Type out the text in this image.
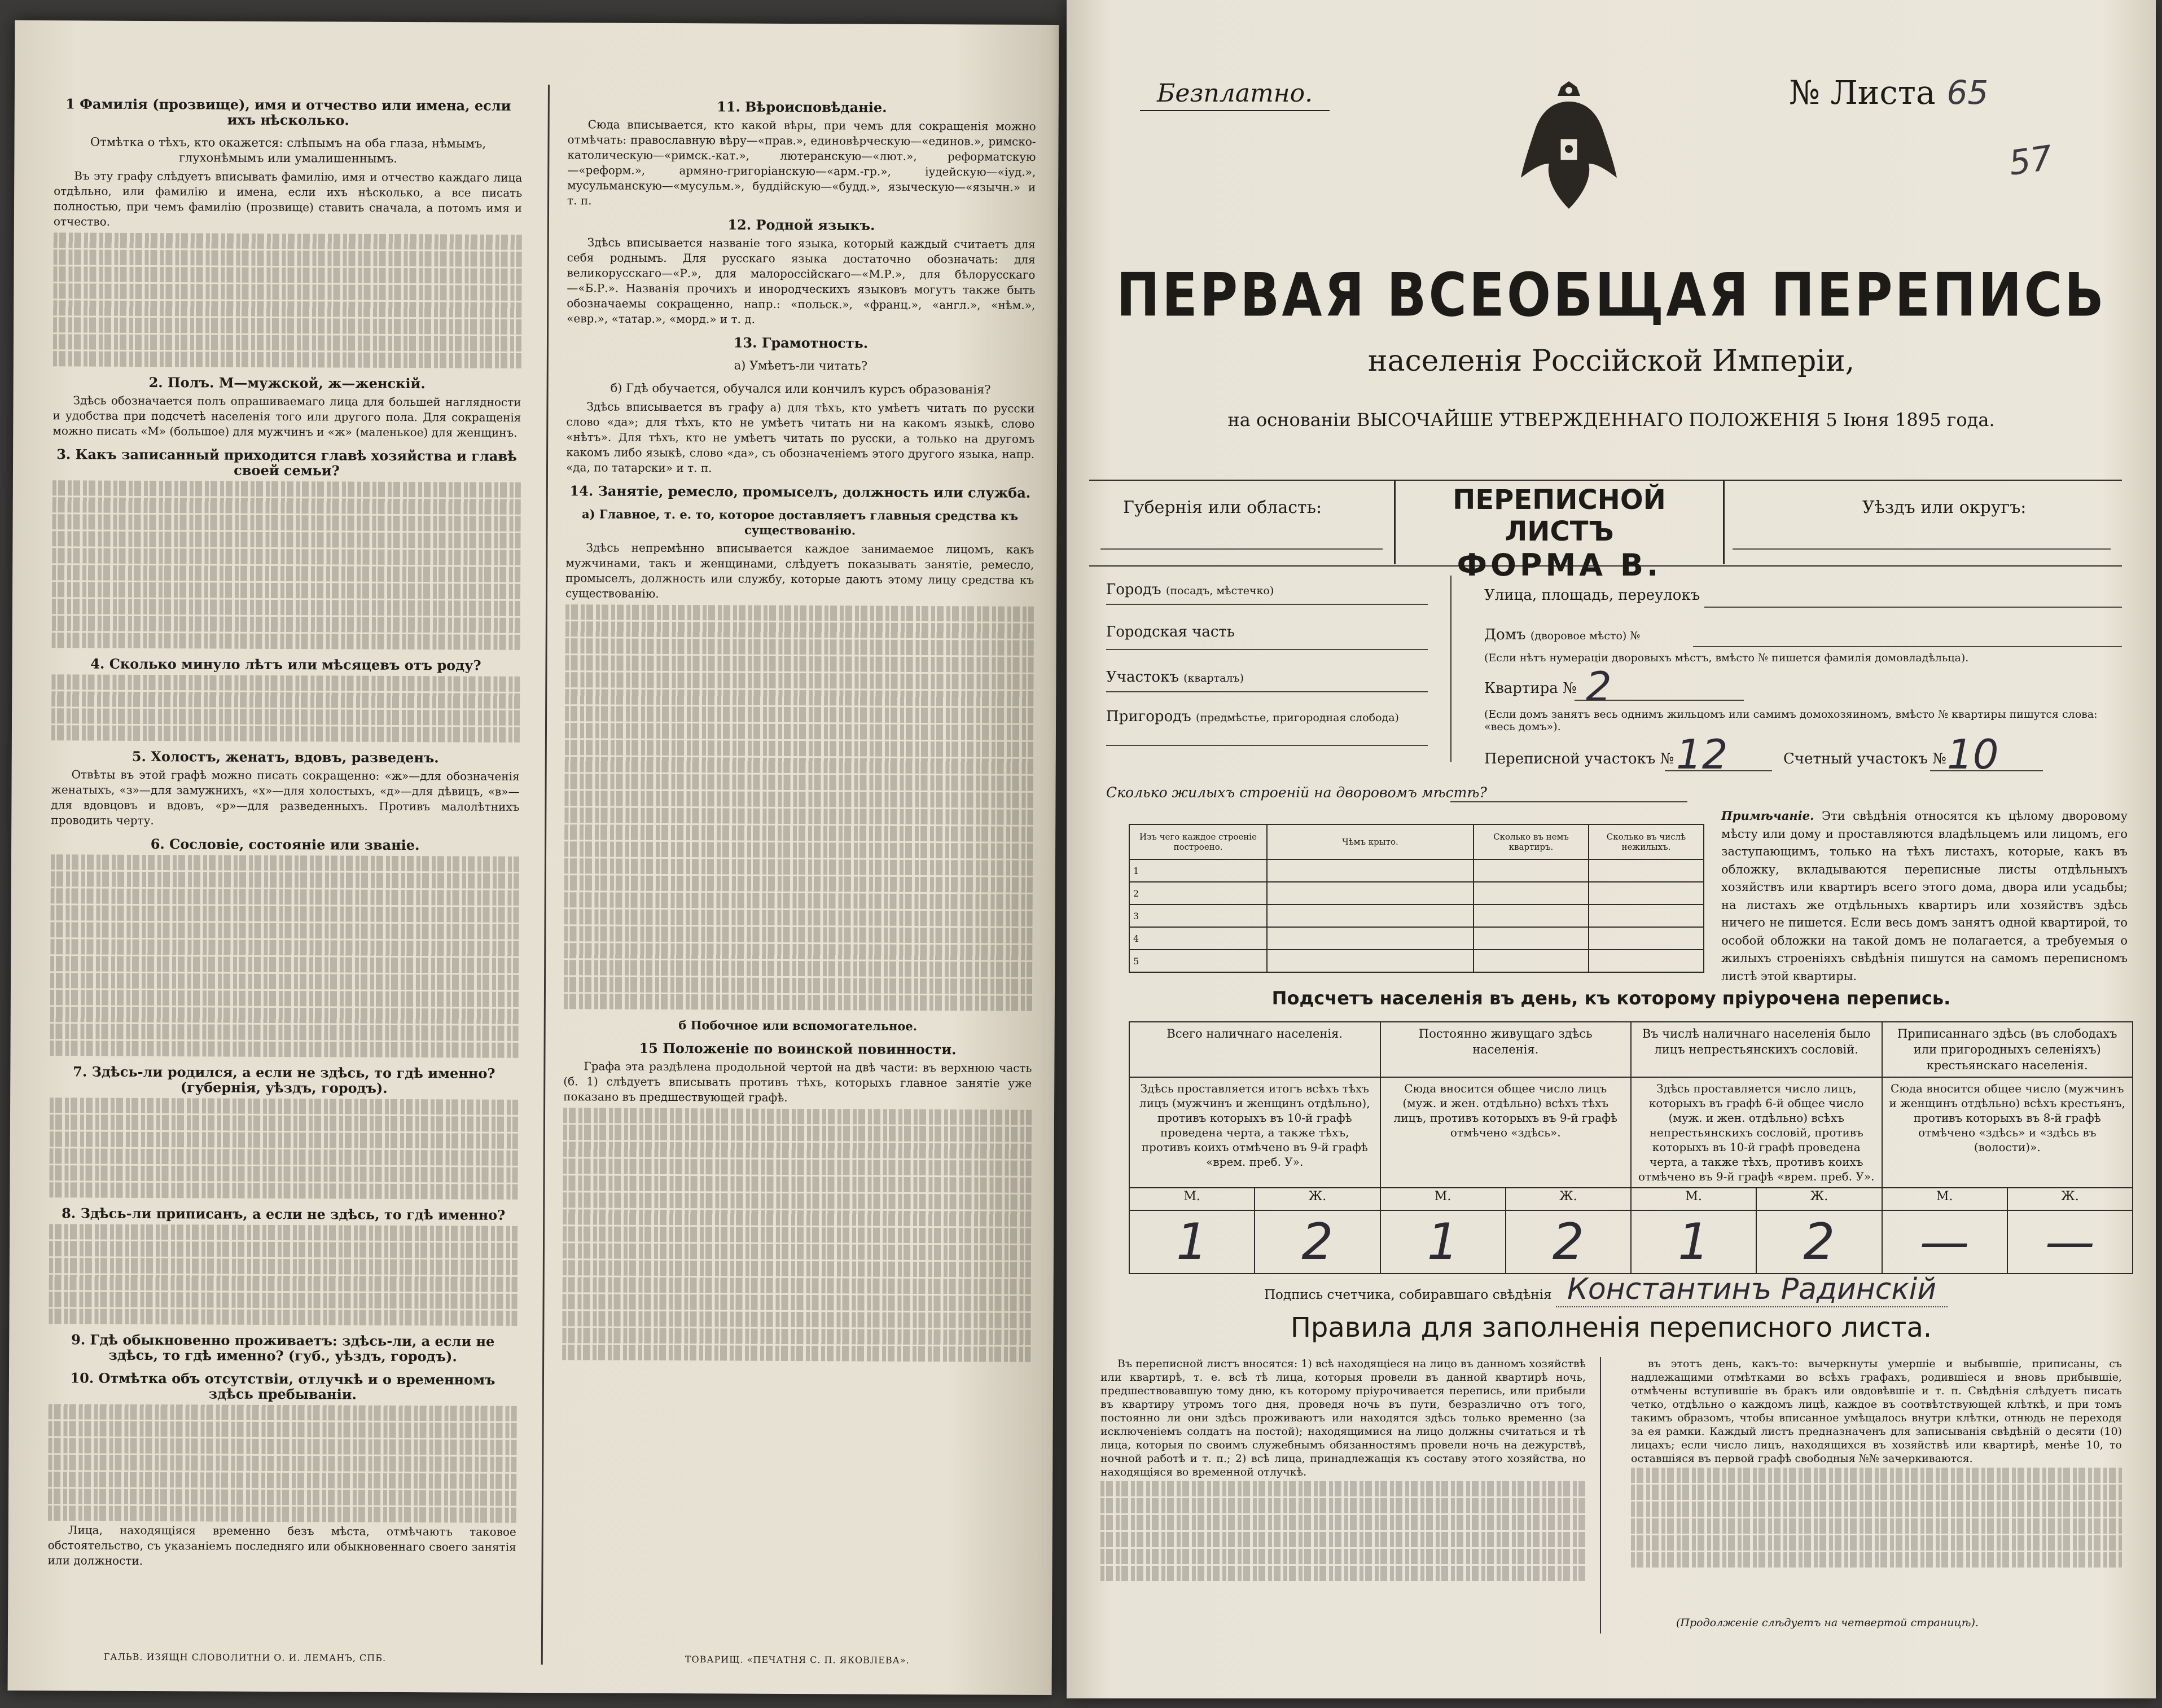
1 Фамилія (прозвище), имя и отчество или имена, если ихъ нѣсколько.
Отмѣтка о тѣхъ, кто окажется: слѣпымъ на оба глаза, нѣмымъ, глухонѣмымъ или умалишеннымъ.

Въ эту графу слѣдуетъ вписывать фамилію, имя и отчество каждаго лица отдѣльно, или фамилію и имена, если ихъ нѣсколько, а все писать полностью, при чемъ фамилію (прозвище) ставить сначала, а потомъ имя и отчество.

2. Полъ. М—мужской, ж—женскій.

Здѣсь обозначается полъ опрашиваемаго лица для большей наглядности и удобства при подсчетѣ населенія того или другого пола. Для сокращенія можно писать «М» (большое) для мужчинъ и «ж» (маленькое) для женщинъ.

3. Какъ записанный приходится главѣ хозяйства и главѣ своей семьи?
4. Сколько минуло лѣтъ или мѣсяцевъ отъ роду?
5. Холостъ, женатъ, вдовъ, разведенъ.

Отвѣты въ этой графѣ можно писать сокращенно: «ж»—для обозначенія женатыхъ, «з»—для замужнихъ, «х»—для холостыхъ, «д»—для дѣвицъ, «в»—для вдовцовъ и вдовъ, «р»—для разведенныхъ. Противъ малолѣтнихъ проводить черту.

6. Сословіе, состояніе или званіе.
7. Здѣсь-ли родился, а если не здѣсь, то гдѣ именно? (губернія, уѣздъ, городъ).
8. Здѣсь-ли приписанъ, а если не здѣсь, то гдѣ именно?
9. Гдѣ обыкновенно проживаетъ: здѣсь-ли, а если не здѣсь, то гдѣ именно? (губ., уѣздъ, городъ).
10. Отмѣтка объ отсутствіи, отлучкѣ и о временномъ здѣсь пребываніи.

Лица, находящіяся временно безъ мѣста, отмѣчаютъ таковое обстоятельство, съ указаніемъ последняго или обыкновеннаго своего занятія или должности.

ГАЛЬВ. ИЗЯЩН СЛОВОЛИТНИ О. И. ЛЕМАНЪ, СПБ.
11. Вѣроисповѣданіе.

Сюда вписывается, кто какой вѣры, при чемъ для сокращенія можно отмѣчать: православную вѣру—«прав.», единовѣрческую—«единов.», римско-католическую—«римск.-кат.», лютеранскую—«лют.», реформатскую—«реформ.», армяно-григоріанскую—«арм.-гр.», іудейскую—«іуд.», мусульманскую—«мусульм.», буддійскую—«будд.», языческую—«язычн.» и т. п.

12. Родной языкъ.

Здѣсь вписывается названіе того языка, который каждый считаетъ для себя роднымъ. Для русскаго языка достаточно обозначать: для великорусскаго—«Р.», для малороссійскаго—«М.Р.», для бѣлорусскаго—«Б.Р.». Названія прочихъ и инородческихъ языковъ могутъ также быть обозначаемы сокращенно, напр.: «польск.», «франц.», «англ.», «нѣм.», «евр.», «татар.», «морд.» и т. д.

13. Грамотность.
а) Умѣетъ-ли читать?
б) Гдѣ обучается, обучался или кончилъ курсъ образованія?

Здѣсь вписывается въ графу а) для тѣхъ, кто умѣетъ читать по русски слово «да»; для тѣхъ, кто не умѣетъ читать ни на какомъ языкѣ, слово «нѣтъ». Для тѣхъ, кто не умѣетъ читать по русски, а только на другомъ какомъ либо языкѣ, слово «да», съ обозначеніемъ этого другого языка, напр. «да, по татарски» и т. п.

14. Занятіе, ремесло, промыселъ, должность или служба.
а) Главное, т. е. то, которое доставляетъ главныя средства къ существованію.

Здѣсь непремѣнно вписывается каждое занимаемое лицомъ, какъ мужчинами, такъ и женщинами, слѣдуетъ показывать занятіе, ремесло, промыселъ, должность или службу, которые даютъ этому лицу средства къ существованію.

б Побочное или вспомогательное.
15 Положеніе по воинской повинности.

Графа эта раздѣлена продольной чертой на двѣ части: въ верхнюю часть (б. 1) слѣдуетъ вписывать противъ тѣхъ, которыхъ главное занятіе уже показано въ предшествующей графѣ.

ТОВАРИЩ. «ПЕЧАТНЯ С. П. ЯКОВЛЕВА».
Безплатно.	№ Листа 65
57
ПЕРВАЯ ВСЕОБЩАЯ ПЕРЕПИСЬ
населенія Россійской Имперіи,
на основаніи ВЫСОЧАЙШЕ УТВЕРЖДЕННАГО ПОЛОЖЕНІЯ 5 Іюня 1895 года.
Губернія или область:	ПЕРЕПИСНОЙ ЛИСТЪ
ФОРМА В.
Уѣздъ или округъ:
Городъ (посадъ, мѣстечко)
Городская часть
Участокъ (кварталъ)
Пригородъ (предмѣстье, пригородная слобода)
Улица, площадь, переулокъ
Домъ (дворовое мѣсто) №
(Если нѣтъ нумераціи дворовыхъ мѣстъ, вмѣсто № пишется фамилія домовладѣльца).
Квартира № 2
(Если домъ занятъ весь однимъ жильцомъ или самимъ домохозяиномъ, вмѣсто № квартиры пишутся слова: «весь домъ»).
Переписной участокъ № 12	Счетный участокъ № 10
Сколько жилыхъ строеній на дворовомъ мѣстѣ?
Изъ чего каждое строеніе построено.	Чѣмъ крыто.	Сколько въ немъ квартиръ.	Сколько въ числѣ нежилыхъ.
1			
2			
3			
4			
5			
Примѣчаніе. Эти свѣдѣнія относятся къ цѣлому дворовому мѣсту или дому и проставляются владѣльцемъ или лицомъ, его заступающимъ, только на тѣхъ листахъ, которые, какъ въ обложку, вкладываются переписные листы отдѣльныхъ хозяйствъ или квартиръ всего этого дома, двора или усадьбы; на листахъ же отдѣльныхъ квартиръ или хозяйствъ здѣсь ничего не пишется. Если весь домъ занятъ одной квартирой, то особой обложки на такой домъ не полагается, а требуемыя о жилыхъ строеніяхъ свѣдѣнія пишутся на самомъ переписномъ листѣ этой квартиры.
Подсчетъ населенія въ день, къ которому пріурочена перепись.
Всего наличнаго населенія.		Постоянно живущаго здѣсь населенія.		Въ числѣ наличнаго населенія было лицъ непрестьянскихъ сословій.		Приписаннаго здѣсь (въ слободахъ или пригородныхъ селеніяхъ) крестьянскаго населенія.	
Здѣсь проставляется итогъ всѣхъ тѣхъ лицъ (мужчинъ и женщинъ отдѣльно), противъ которыхъ въ 10-й графѣ проведена черта, а также тѣхъ, противъ коихъ отмѣчено въ 9-й графѣ «врем. преб. У».		Сюда вносится общее число лицъ (муж. и жен. отдѣльно) всѣхъ тѣхъ лицъ, противъ которыхъ въ 9-й графѣ отмѣчено «здѣсь».		Здѣсь проставляется число лицъ, которыхъ въ графѣ 6-й общее число (муж. и жен. отдѣльно) всѣхъ непрестьянскихъ сословій, противъ которыхъ въ 10-й графѣ проведена черта, а также тѣхъ, противъ коихъ отмѣчено въ 9-й графѣ «врем. преб. У».		Сюда вносится общее число (мужчинъ и женщинъ отдѣльно) всѣхъ крестьянъ, противъ которыхъ въ 8-й графѣ отмѣчено «здѣсь» и «здѣсь въ (волости)».	
М.	Ж.	М.	Ж.	М.	Ж.	М.	Ж.
1	2	1	2	1	2	—	—
Подпись счетчика, собиравшаго свѣдѣнія Константинъ Радинскій
Правила для заполненія переписного листа.

Въ переписной листъ вносятся: 1) всѣ находящіеся на лицо въ данномъ хозяйствѣ или квартирѣ, т. е. всѣ тѣ лица, которыя провели въ данной квартирѣ ночь, предшествовавшую тому дню, къ которому пріурочивается перепись, или прибыли въ квартиру утромъ того дня, проведя ночь въ пути, безразлично отъ того, постоянно ли они здѣсь проживаютъ или находятся здѣсь только временно (за исключеніемъ солдатъ на постой); находящимися на лицо должны считаться и тѣ лица, которыя по своимъ служебнымъ обязанностямъ провели ночь на дежурствѣ, ночной работѣ и т. п.; 2) всѣ лица, принадлежащія къ составу этого хозяйства, но находящіяся во временной отлучкѣ.

въ этотъ день, какъ-то: вычеркнуты умершіе и выбывшіе, приписаны, съ надлежащими отмѣтками во всѣхъ графахъ, родившіеся и вновь прибывшіе, отмѣчены вступившіе въ бракъ или овдовѣвшіе и т. п. Свѣдѣнія слѣдуетъ писать четко, отдѣльно о каждомъ лицѣ, каждое въ соотвѣтствующей клѣткѣ, и при томъ такимъ образомъ, чтобы вписанное умѣщалось внутри клѣтки, отнюдь не переходя за ея рамки. Каждый листъ предназначенъ для записыванія свѣдѣній о десяти (10) лицахъ; если число лицъ, находящихся въ хозяйствѣ или квартирѣ, менѣе 10, то оставшіяся въ первой графѣ свободныя №№ зачеркиваются.

(Продолженіе слѣдуетъ на четвертой страницѣ).
